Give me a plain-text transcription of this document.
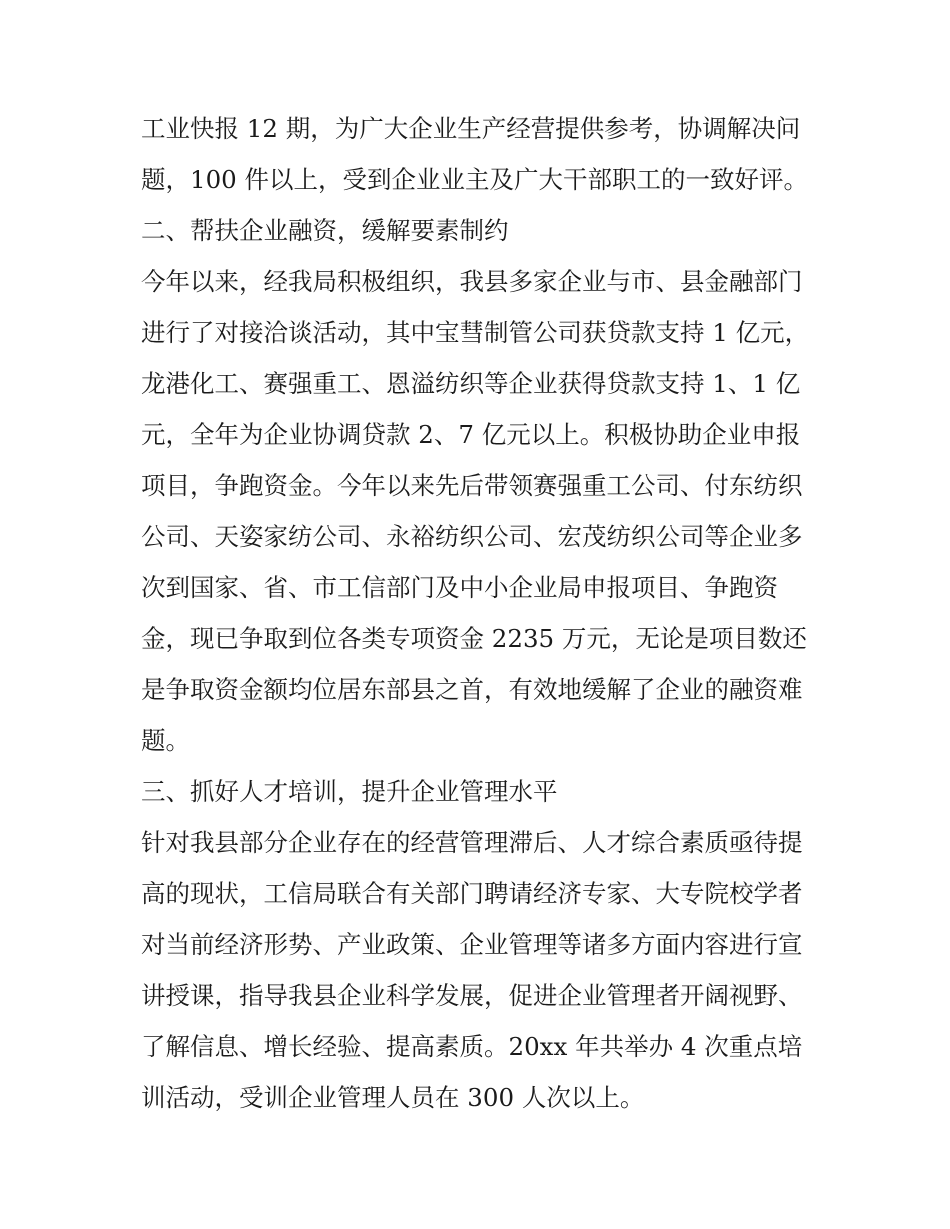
工业快报 12 期，为广大企业生产经营提供参考，协调解决问
题，100 件以上，受到企业业主及广大干部职工的一致好评。
二、帮扶企业融资，缓解要素制约
今年以来，经我局积极组织，我县多家企业与市、县金融部门
进行了对接洽谈活动，其中宝彗制管公司获贷款支持 1 亿元，
龙港化工、赛强重工、恩溢纺织等企业获得贷款支持 1、1 亿
元，全年为企业协调贷款 2、7 亿元以上。积极协助企业申报
项目，争跑资金。今年以来先后带领赛强重工公司、付东纺织
公司、天姿家纺公司、永裕纺织公司、宏茂纺织公司等企业多
次到国家、省、市工信部门及中小企业局申报项目、争跑资
金，现已争取到位各类专项资金 2235 万元，无论是项目数还
是争取资金额均位居东部县之首，有效地缓解了企业的融资难
题。
三、抓好人才培训，提升企业管理水平
针对我县部分企业存在的经营管理滞后、人才综合素质亟待提
高的现状，工信局联合有关部门聘请经济专家、大专院校学者
对当前经济形势、产业政策、企业管理等诸多方面内容进行宣
讲授课，指导我县企业科学发展，促进企业管理者开阔视野、
了解信息、增长经验、提高素质。20xx 年共举办 4 次重点培
训活动，受训企业管理人员在 300 人次以上。
